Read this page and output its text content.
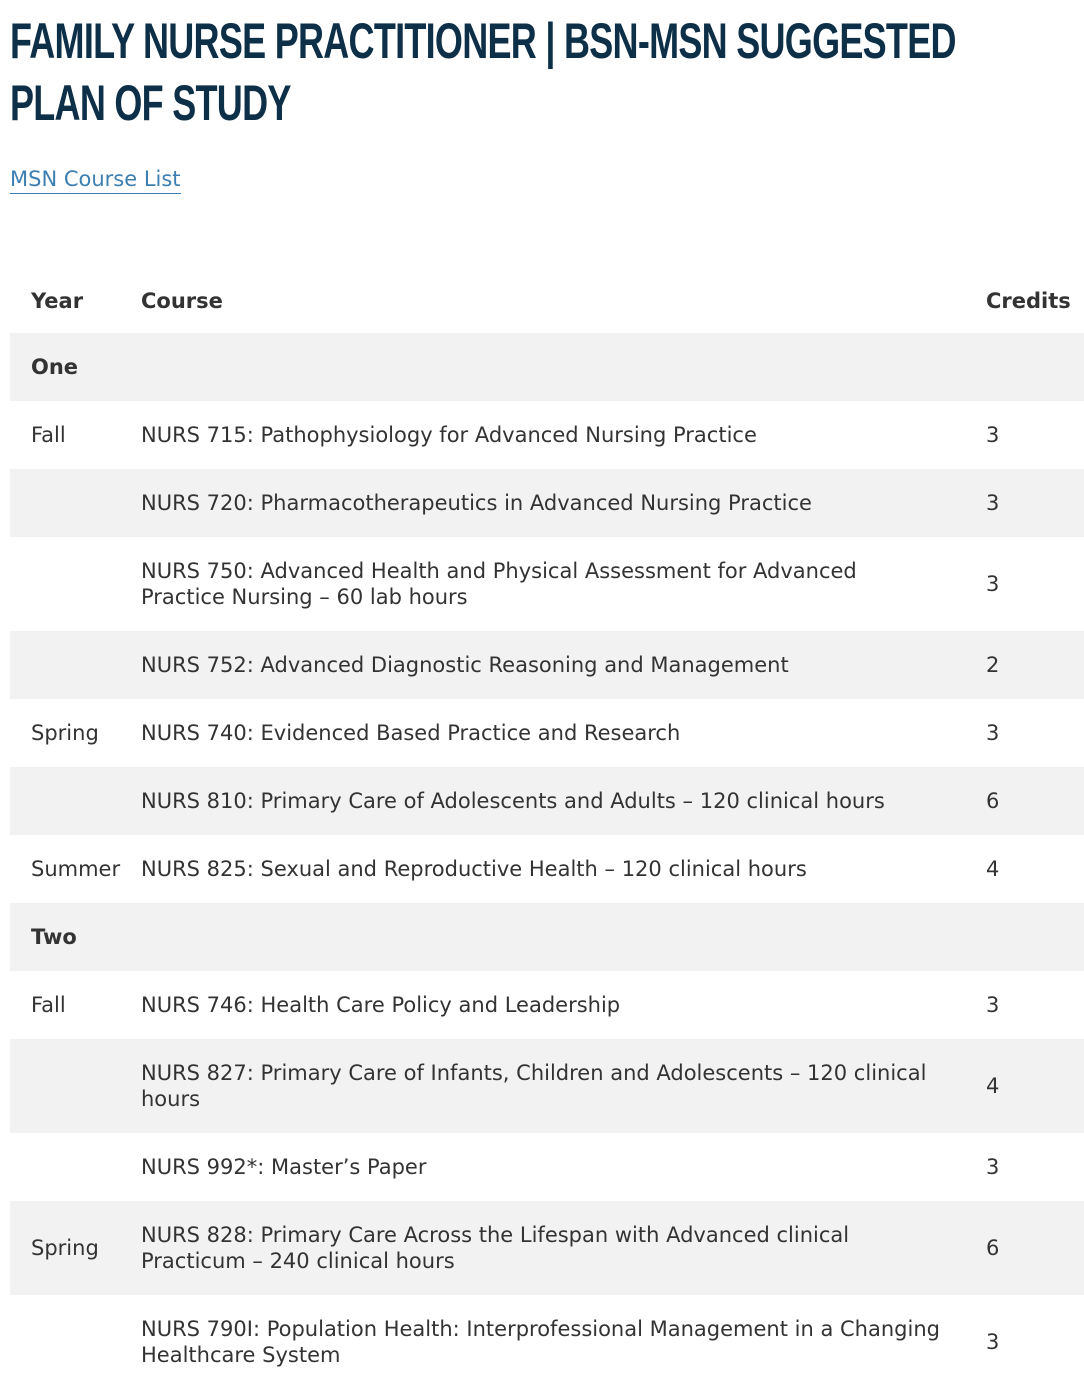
FAMILY NURSE PRACTITIONER | BSN-MSN SUGGESTED PLAN OF STUDY
MSN Course List
Year	Course	Credits
One		
Fall	NURS 715: Pathophysiology for Advanced Nursing Practice	3
	NURS 720: Pharmacotherapeutics in Advanced Nursing Practice	3
	NURS 750: Advanced Health and Physical Assessment for Advanced Practice Nursing – 60 lab hours	3
	NURS 752: Advanced Diagnostic Reasoning and Management	2
Spring	NURS 740: Evidenced Based Practice and Research	3
	NURS 810: Primary Care of Adolescents and Adults – 120 clinical hours	6
Summer	NURS 825: Sexual and Reproductive Health – 120 clinical hours	4
Two		
Fall	NURS 746: Health Care Policy and Leadership	3
	NURS 827: Primary Care of Infants, Children and Adolescents – 120 clinical hours	4
	NURS 992*: Master’s Paper	3
Spring	NURS 828: Primary Care Across the Lifespan with Advanced clinical Practicum – 240 clinical hours	6
	NURS 790I: Population Health: Interprofessional Management in a Changing Healthcare System	3
